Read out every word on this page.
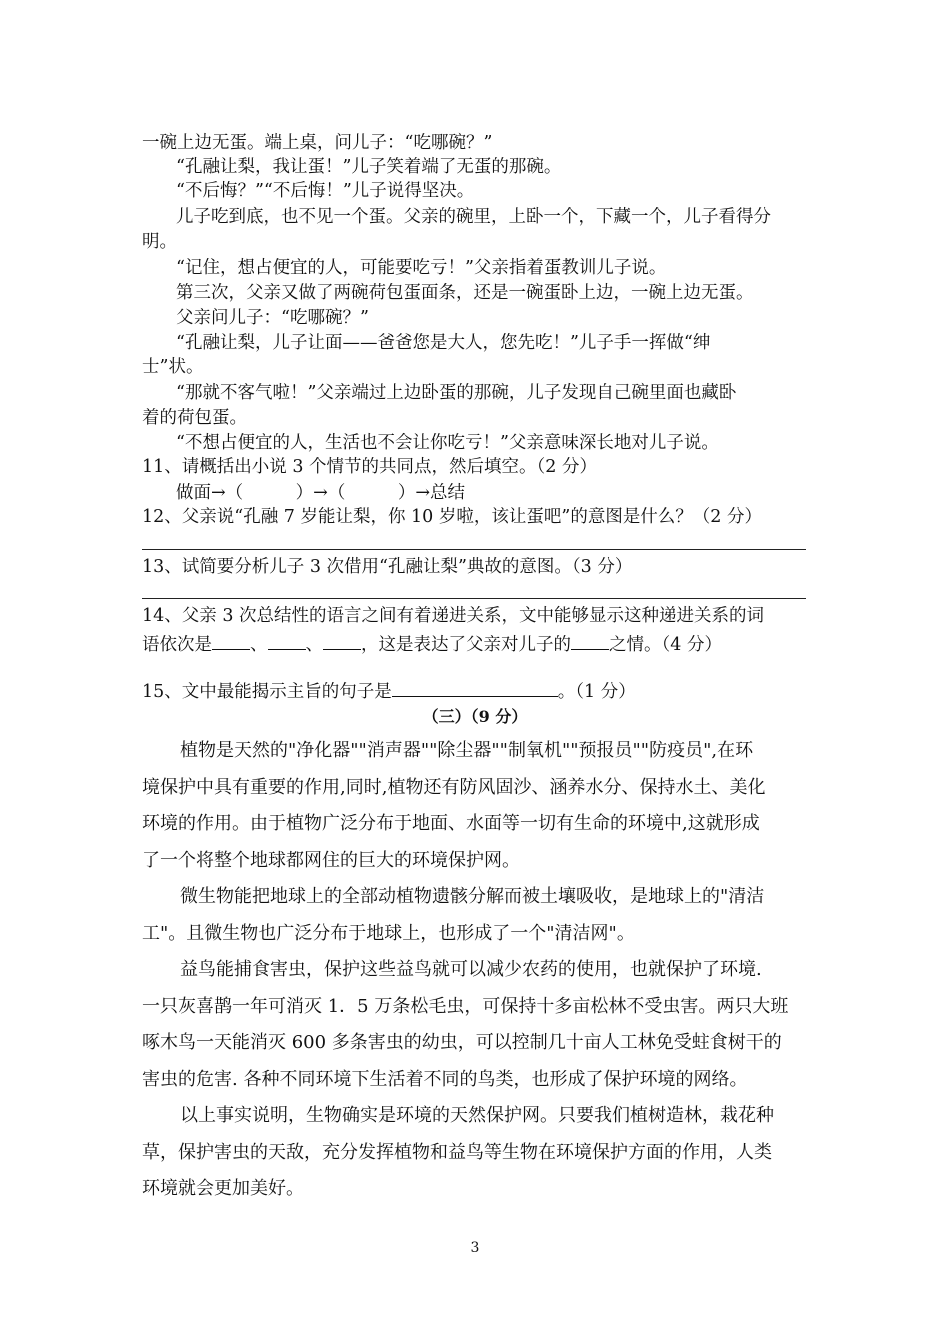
一碗上边无蛋。端上桌，问儿子：“吃哪碗？”
“孔融让梨，我让蛋！”儿子笑着端了无蛋的那碗。
“不后悔？”“不后悔！”儿子说得坚决。
儿子吃到底，也不见一个蛋。父亲的碗里，上卧一个，下藏一个，儿子看得分
明。
“记住，想占便宜的人，可能要吃亏！”父亲指着蛋教训儿子说。
第三次，父亲又做了两碗荷包蛋面条，还是一碗蛋卧上边，一碗上边无蛋。
父亲问儿子：“吃哪碗？”
“孔融让梨，儿子让面——爸爸您是大人，您先吃！”儿子手一挥做“绅
士”状。
“那就不客气啦！”父亲端过上边卧蛋的那碗，儿子发现自己碗里面也藏卧
着的荷包蛋。
“不想占便宜的人，生活也不会让你吃亏！”父亲意味深长地对儿子说。
11、请概括出小说 3 个情节的共同点，然后填空。（2 分）
做面→（　　　）→（　　　）→总结
12、父亲说“孔融 7 岁能让梨，你 10 岁啦，该让蛋吧”的意图是什么？（2 分）
13、试简要分析儿子 3 次借用“孔融让梨”典故的意图。（3 分）
14、父亲 3 次总结性的语言之间有着递进关系，文中能够显示这种递进关系的词
语依次是 、 、 ，这是表达了父亲对儿子的 之情。（4 分）
15、文中最能揭示主旨的句子是	。（1 分）
（三）（9 分）
植物是天然的"净化器""消声器""除尘器""制氧机""预报员""防疫员",在环
境保护中具有重要的作用,同时,植物还有防风固沙、涵养水分、保持水土、美化
环境的作用。由于植物广泛分布于地面、水面等一切有生命的环境中,这就形成
了一个将整个地球都网住的巨大的环境保护网。
微生物能把地球上的全部动植物遗骸分解而被土壤吸收，是地球上的"清洁
工"。且微生物也广泛分布于地球上，也形成了一个"清洁网"。
益鸟能捕食害虫，保护这些益鸟就可以减少农药的使用，也就保护了环境.
一只灰喜鹊一年可消灭 1．5 万条松毛虫，可保持十多亩松林不受虫害。两只大班
啄木鸟一天能消灭 600 多条害虫的幼虫，可以控制几十亩人工林免受蛀食树干的
害虫的危害. 各种不同环境下生活着不同的鸟类，也形成了保护环境的网络。
以上事实说明，生物确实是环境的天然保护网。只要我们植树造林，栽花种
草，保护害虫的天敌，充分发挥植物和益鸟等生物在环境保护方面的作用，人类
环境就会更加美好。
3
